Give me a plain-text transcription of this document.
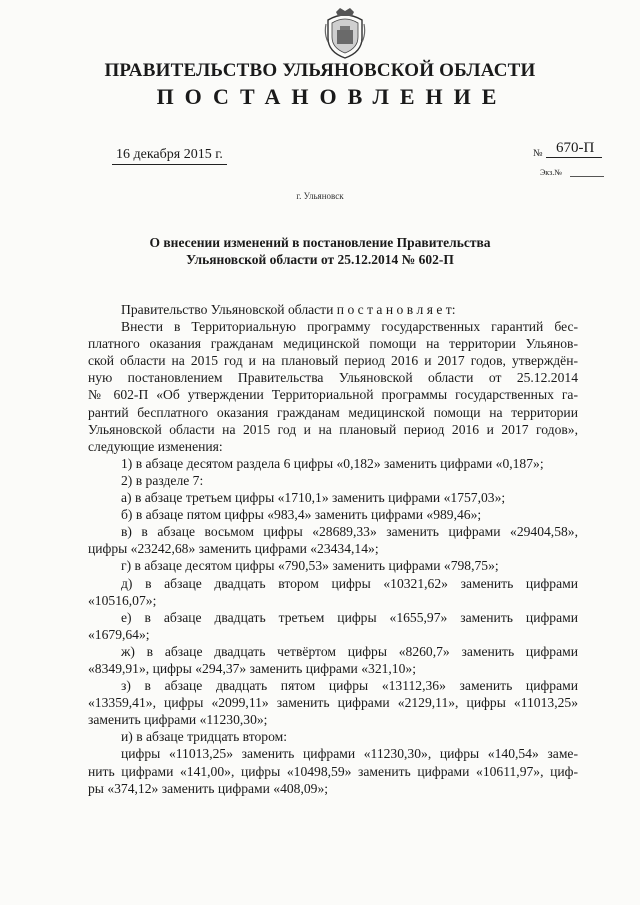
ПРАВИТЕЛЬСТВО УЛЬЯНОВСКОЙ ОБЛАСТИ
ПОСТАНОВЛЕНИЕ
16 декабря 2015 г.	№ 670-П
Экз.№
г. Ульяновск
О внесении изменений в постановление Правительства
Ульяновской области от 25.12.2014 № 602-П

Правительство Ульяновской области п о с т а н о в л я е т:

Внести в Территориальную программу государственных гарантий бес-

платного оказания гражданам медицинской помощи на территории Ульянов-

ской области на 2015 год и на плановый период 2016 и 2017 годов, утверждён-

ную постановлением Правительства Ульяновской области от 25.12.2014

№ 602-П «Об утверждении Территориальной программы государственных га-

рантий бесплатного оказания гражданам медицинской помощи на территории

Ульяновской области на 2015 год и на плановый период 2016 и 2017 годов»,

следующие изменения:

1) в абзаце десятом раздела 6 цифры «0,182» заменить цифрами «0,187»;

2) в разделе 7:

а) в абзаце третьем цифры «1710,1» заменить цифрами «1757,03»;

б) в абзаце пятом цифры «983,4» заменить цифрами «989,46»;

в) в абзаце восьмом цифры «28689,33» заменить цифрами «29404,58»,

цифры «23242,68» заменить цифрами «23434,14»;

г) в абзаце десятом цифры «790,53» заменить цифрами «798,75»;

д) в абзаце двадцать втором цифры «10321,62» заменить цифрами

«10516,07»;

е) в абзаце двадцать третьем цифры «1655,97» заменить цифрами

«1679,64»;

ж) в абзаце двадцать четвёртом цифры «8260,7» заменить цифрами

«8349,91», цифры «294,37» заменить цифрами «321,10»;

з) в абзаце двадцать пятом цифры «13112,36» заменить цифрами

«13359,41», цифры «2099,11» заменить цифрами «2129,11», цифры «11013,25»

заменить цифрами «11230,30»;

и) в абзаце тридцать втором:

цифры «11013,25» заменить цифрами «11230,30», цифры «140,54» заме-

нить цифрами «141,00», цифры «10498,59» заменить цифрами «10611,97», циф-

ры «374,12» заменить цифрами «408,09»;
